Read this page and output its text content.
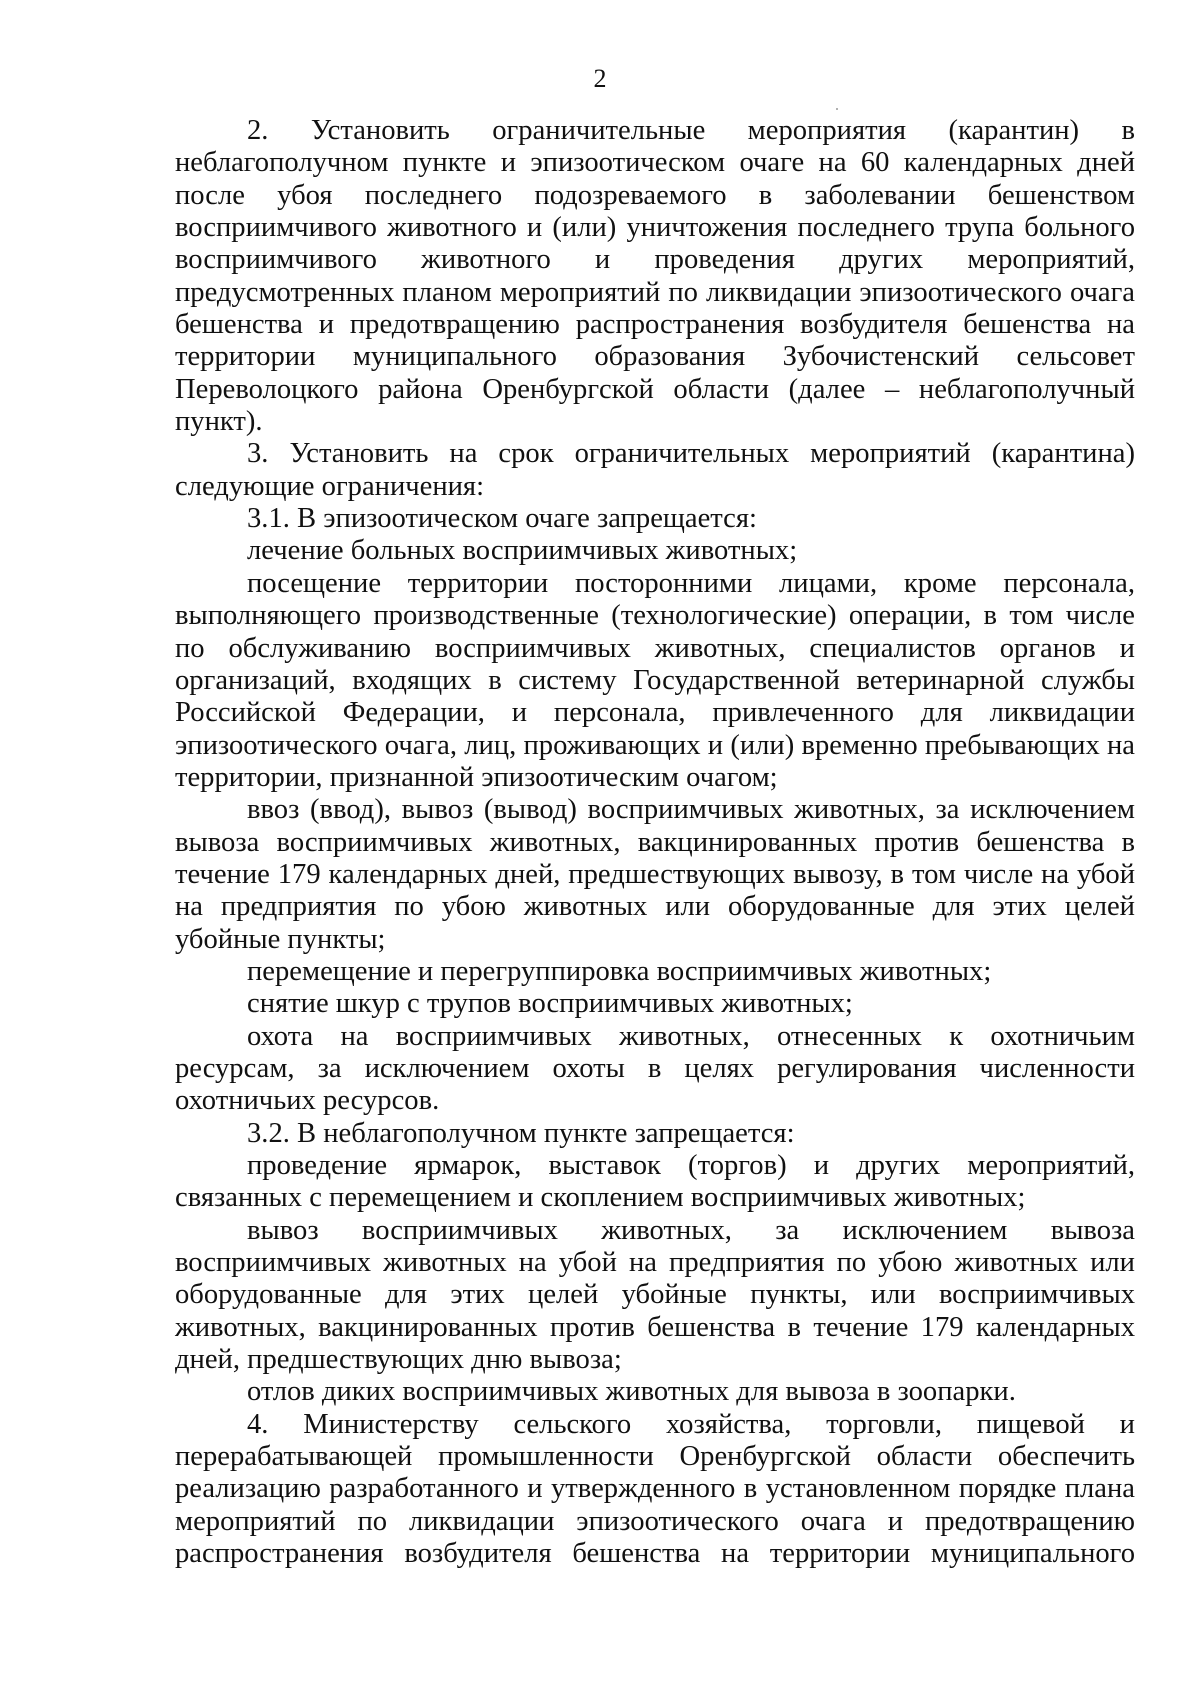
2

2. Установить ограничительные мероприятия (карантин) в неблагополучном пункте и эпизоотическом очаге на 60 календарных дней после убоя последнего подозреваемого в заболевании бешенством восприимчивого животного и (или) уничтожения последнего трупа больного восприимчивого животного и проведения других мероприятий, предусмотренных планом мероприятий по ликвидации эпизоотического очага бешенства и предотвращению распространения возбудителя бешенства на территории муниципального образования Зубочистенский сельсовет Переволоцкого района Оренбургской области (далее – неблагополучный пункт).

3. Установить на срок ограничительных мероприятий (карантина) следующие ограничения:

3.1. В эпизоотическом очаге запрещается:

лечение больных восприимчивых животных;

посещение территории посторонними лицами, кроме персонала, выполняющего производственные (технологические) операции, в том числе по обслуживанию восприимчивых животных, специалистов органов и организаций, входящих в систему Государственной ветеринарной службы Российской Федерации, и персонала, привлеченного для ликвидации эпизоотического очага, лиц, проживающих и (или) временно пребывающих на территории, признанной эпизоотическим очагом;

ввоз (ввод), вывоз (вывод) восприимчивых животных, за исключением вывоза восприимчивых животных, вакцинированных против бешенства в течение 179 календарных дней, предшествующих вывозу, в том числе на убой на предприятия по убою животных или оборудованные для этих целей убойные пункты;

перемещение и перегруппировка восприимчивых животных;

снятие шкур с трупов восприимчивых животных;

охота на восприимчивых животных, отнесенных к охотничьим ресурсам, за исключением охоты в целях регулирования численности охотничьих ресурсов.

3.2. В неблагополучном пункте запрещается:

проведение ярмарок, выставок (торгов) и других мероприятий, связанных с перемещением и скоплением восприимчивых животных;

вывоз восприимчивых животных, за исключением вывоза восприимчивых животных на убой на предприятия по убою животных или оборудованные для этих целей убойные пункты, или восприимчивых животных, вакцинированных против бешенства в течение 179 календарных дней, предшествующих дню вывоза;

отлов диких восприимчивых животных для вывоза в зоопарки.

4. Министерству сельского хозяйства, торговли, пищевой и перерабатывающей промышленности Оренбургской области обеспечить реализацию разработанного и утвержденного в установленном порядке плана мероприятий по ликвидации эпизоотического очага и предотвращению распространения возбудителя бешенства на территории муниципального
